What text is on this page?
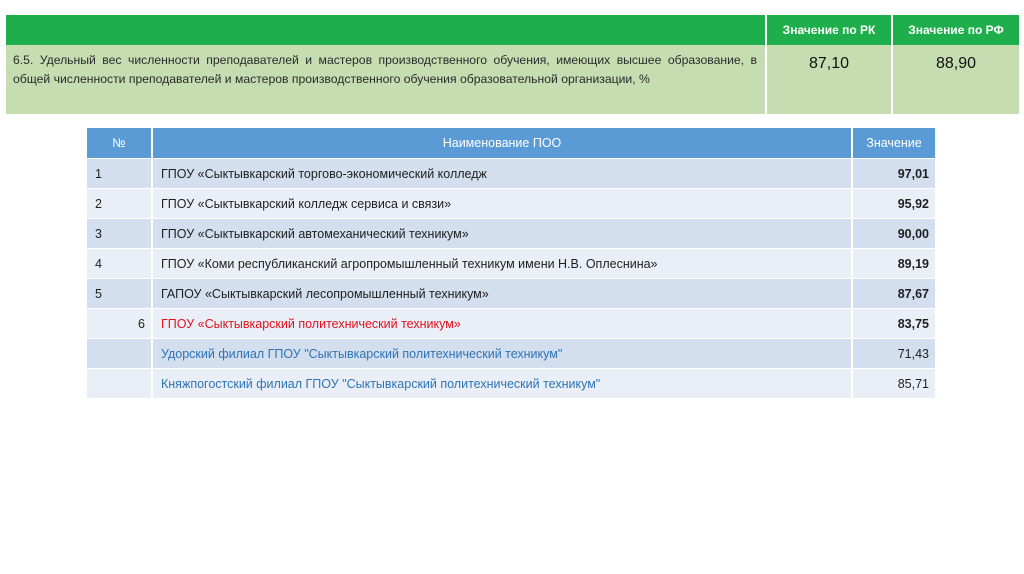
	Значение по РК	Значение по РФ

6.5. Удельный вес численности преподавателей и мастеров производственного обучения, имеющих высшее образование, в общей численности преподавателей и мастеров производственного обучения образовательной организации, %	87,10	88,90
№	Наименование ПОО	Значение
1	ГПОУ «Сыктывкарский торгово-экономический колледж	97,01
2	ГПОУ «Сыктывкарский колледж сервиса и связи»	95,92
3	ГПОУ «Сыктывкарский автомеханический техникум»	90,00
4	ГПОУ «Коми республиканский агропромышленный техникум имени Н.В. Оплеснина»	89,19
5	ГАПОУ «Сыктывкарский лесопромышленный техникум»	87,67
6	ГПОУ «Сыктывкарский политехнический техникум»	83,75
	Удорский филиал ГПОУ "Сыктывкарский политехнический техникум"	71,43
	Княжпогостский филиал ГПОУ "Сыктывкарский политехнический техникум"	85,71
